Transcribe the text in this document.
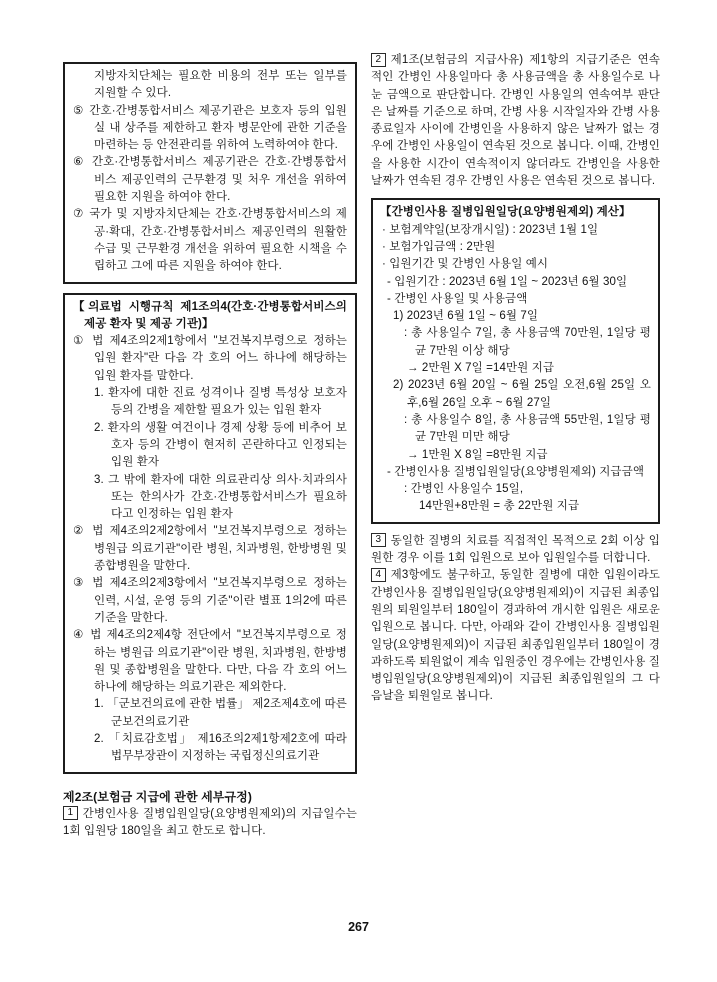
지방자치단체는 필요한 비용의 전부 또는 일부를 지원할 수 있다.
⑤ 간호·간병통합서비스 제공기관은 보호자 등의 입원실 내 상주를 제한하고 환자 병문안에 관한 기준을 마련하는 등 안전관리를 위하여 노력하여야 한다.
⑥ 간호·간병통합서비스 제공기관은 간호·간병통합서비스 제공인력의 근무환경 및 처우 개선을 위하여 필요한 지원을 하여야 한다.
⑦ 국가 및 지방자치단체는 간호·간병통합서비스의 제공·확대, 간호·간병통합서비스 제공인력의 원활한 수급 및 근무환경 개선을 위하여 필요한 시책을 수립하고 그에 따른 지원을 하여야 한다.
【의료법 시행규칙 제1조의4(간호·간병통합서비스의 제공 환자 및 제공 기관)】
① 법 제4조의2제1항에서 "보건복지부령으로 정하는 입원 환자"란 다음 각 호의 어느 하나에 해당하는 입원 환자를 말한다.
1. 환자에 대한 진료 성격이나 질병 특성상 보호자 등의 간병을 제한할 필요가 있는 입원 환자
2. 환자의 생활 여건이나 경제 상황 등에 비추어 보호자 등의 간병이 현저히 곤란하다고 인정되는 입원 환자
3. 그 밖에 환자에 대한 의료관리상 의사·치과의사 또는 한의사가 간호·간병통합서비스가 필요하다고 인정하는 입원 환자
② 법 제4조의2제2항에서 "보건복지부령으로 정하는 병원급 의료기관"이란 병원, 치과병원, 한방병원 및 종합병원을 말한다.
③ 법 제4조의2제3항에서 "보건복지부령으로 정하는 인력, 시설, 운영 등의 기준"이란 별표 1의2에 따른 기준을 말한다.
④ 법 제4조의2제4항 전단에서 "보건복지부령으로 정하는 병원급 의료기관"이란 병원, 치과병원, 한방병원 및 종합병원을 말한다. 다만, 다음 각 호의 어느 하나에 해당하는 의료기관은 제외한다.
1. 「군보건의료에 관한 법률」 제2조제4호에 따른 군보건의료기관
2. 「치료감호법」 제16조의2제1항제2호에 따라 법무부장관이 지정하는 국립정신의료기관
제2조(보험금 지급에 관한 세부규정)
1 간병인사용 질병입원일당(요양병원제외)의 지급일수는 1회 입원당 180일을 최고 한도로 합니다.
2 제1조(보험금의 지급사유) 제1항의 지급기준은 연속적인 간병인 사용일마다 총 사용금액을 총 사용일수로 나눈 금액으로 판단합니다. 간병인 사용일의 연속여부 판단은 날짜를 기준으로 하며, 간병 사용 시작일자와 간병 사용 종료일자 사이에 간병인을 사용하지 않은 날짜가 없는 경우에 간병인 사용일이 연속된 것으로 봅니다. 이때, 간병인을 사용한 시간이 연속적이지 않더라도 간병인을 사용한 날짜가 연속된 경우 간병인 사용은 연속된 것으로 봅니다.
【간병인사용 질병입원일당(요양병원제외) 계산】
· 보험계약일(보장개시일) : 2023년 1월 1일
· 보험가입금액 : 2만원
· 입원기간 및 간병인 사용일 예시
- 입원기간 : 2023년 6월 1일 ~ 2023년 6월 30일
- 간병인 사용일 및 사용금액
1) 2023년 6월 1일 ~ 6월 7일
: 총 사용일수 7일, 총 사용금액 70만원, 1일당 평균 7만원 이상 해당
→ 2만원 X 7일 =14만원 지급
2) 2023년 6월 20일 ~ 6월 25일 오전,6월 25일 오후,6월 26일 오후 ~ 6월 27일
: 총 사용일수 8일, 총 사용금액 55만원, 1일당 평균 7만원 미만 해당
→ 1만원 X 8일 =8만원 지급
- 간병인사용 질병입원일당(요양병원제외) 지급금액
: 간병인 사용일수 15일,
14만원+8만원 = 총 22만원 지급
3 동일한 질병의 치료를 직접적인 목적으로 2회 이상 입원한 경우 이를 1회 입원으로 보아 입원일수를 더합니다.
4 제3항에도 불구하고, 동일한 질병에 대한 입원이라도 간병인사용 질병입원일당(요양병원제외)이 지급된 최종입원의 퇴원일부터 180일이 경과하여 개시한 입원은 새로운 입원으로 봅니다. 다만, 아래와 같이 간병인사용 질병입원일당(요양병원제외)이 지급된 최종입원일부터 180일이 경과하도록 퇴원없이 계속 입원중인 경우에는 간병인사용 질병입원일당(요양병원제외)이 지급된 최종입원일의 그 다음날을 퇴원일로 봅니다.
267
